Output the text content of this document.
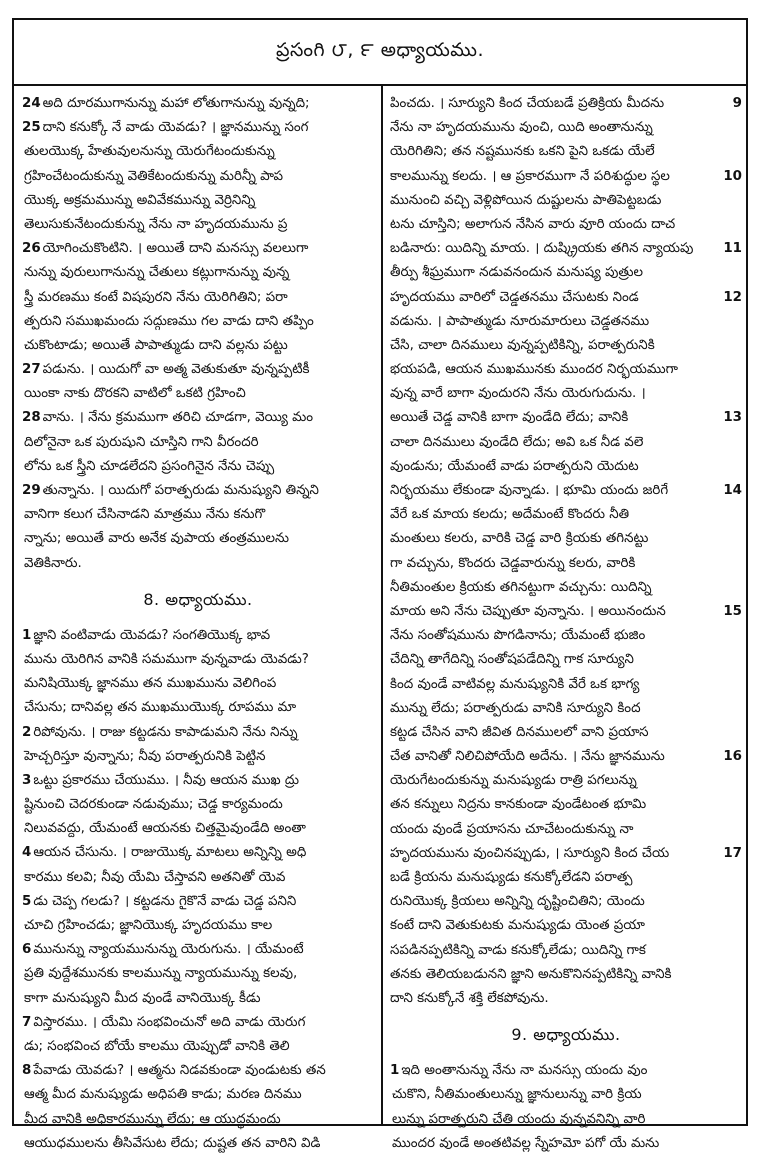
ప్రసంగి ౮, ౯ అధ్యాయము.
24 అది దూరముగానున్ను మహా లోతుగానున్ను వున్నది;
25 దాని కనుక్కో నే వాడు యెవడు? । జ్ఞానమున్ను సంగ
తులయొక్క హేతువులనున్ను యెరుగేటందుకున్ను
గ్రహించేటందుకున్ను వెతికేటందుకున్ను మరిన్నీ పాప
యొక్క అక్రమమున్ను అవివేకమున్ను వెర్రినిన్ని
తెలుసుకునేటందుకున్ను నేను నా హృదయమును ప్ర
26 యోగించుకొంటిని. । అయితే దాని మనస్సు వలలుగా
నున్ను వురులుగానున్ను చేతులు కట్లుగానున్ను వున్న
స్త్రీ మరణము కంటే విషపురని నేను యెరిగితిని; పరా
త్పరుని సముఖమందు సద్గుణము గల వాడు దాని తప్పిం
చుకొంటాడు; అయితే పాపాత్ముడు దాని వల్లను పట్టు
27 పడును. । యిదుగో వా అత్మ వెతుకుతూ వున్నప్పటికీ
యింకా నాకు దొరకని వాటిలో ఒకటి గ్రహించి
28 వాను. । నేను క్రమముగా తరిచి చూడగా, వెయ్యి మం
దిలోనైనా ఒక పురుషుని చూస్తిని గాని వీరందరి
లోను ఒక స్త్రీని చూడలేదని ప్రసంగినైన నేను చెప్పు
29 తున్నాను. । యిదుగో పరాత్పరుడు మనుష్యుని తిన్నని
వానిగా కలుగ చేసినాడని మాత్రము నేను కనుగొ
న్నాను; అయితే వారు అనేక వుపాయ తంత్రములను
వెతికినారు.
8. అధ్యాయము.
1 జ్ఞాని వంటివాడు యెవడు? సంగతియొక్క భావ
మును యెరిగిన వానికి సమముగా వున్నవాడు యెవడు?
మనిషియొక్క జ్ఞానము తన ముఖమును వెలిగింప
చేసును; దానివల్ల తన ముఖముయొక్క రూపము మా
2 రిపోవును. । రాజు కట్టడను కాపాడుమని నేను నిన్ను
హెచ్చరిస్తూ వున్నాను; నీవు పరాత్పరునికి పెట్టిన
3 ఒట్టు ప్రకారము చేయుము. । నీవు ఆయన ముఖ ద్రు
ష్టినుంచి చెదరకుండా నడువుము; చెడ్డ కార్యమందు
నిలువవద్దు, యేమంటే ఆయనకు చిత్తమైవుండేది అంతా
4 ఆయన చేసును. । రాజుయొక్క మాటలు అన్నిన్ని అధి
కారము కలవి; నీవు యేమి చేస్తావని అతనితో యెవ
5 డు చెప్ప గలడు? । కట్టడను గైకొనే వాడు చెడ్డ పనిని
చూచి గ్రహించడు; జ్ఞానియొక్క హృదయము కాల
6 మునున్ను న్యాయమునున్ను యెరుగును. । యేమంటే
ప్రతి వుద్దేశమునకు కాలమున్ను న్యాయమున్ను కలవు,
కాగా మనుష్యుని మీద వుండే వానియొక్క కీడు
7 విస్తారము. । యేమి సంభవించునో అది వాడు యెరుగ
డు; సంభవించ బోయే కాలము యెప్పుడో వానికి తెలి
8 పేవాడు యెవడు? । ఆత్మను నిడవకుండా వుండుటకు తన
ఆత్మ మీద మనుష్యుడు అధిపతి కాడు; మరణ దినము
మీద వానికి అధికారమున్ను లేదు; ఆ యుద్ధమందు
ఆయుధములను తీసివేసుట లేదు; దుష్టత తన వారిని విడి
పించదు. । సూర్యుని కింద చేయబడే ప్రతిక్రియ మీదను	9
నేను నా హృదయమును వుంచి, యిది అంతానున్ను
యెరిగితిని; తన నష్టమునకు ఒకని పైని ఒకడు యేలే
కాలమున్ను కలదు. । ఆ ప్రకారముగా నే పరిశుద్ధుల స్థల	10
మునుంచి వచ్చి వెళ్లిపోయిన దుష్టులను పాతిపెట్టబడు
టను చూస్తిని; అలాగున నేసిన వారు వూరి యందు దాచ
బడినారు: యిదిన్ని మాయ. । దుష్క్రియకు తగిన న్యాయపు	11
తీర్పు శీఘ్రముగా నడువనందున మనుష్య పుత్రుల
హృదయము వారిలో చెడ్డతనము చేసుటకు నిండ	12
వడును. । పాపాత్ముడు నూరుమారులు చెడ్డతనము
చేసి, చాలా దినములు వున్నప్పటికిన్ని, పరాత్పరునికి
భయపడి, ఆయన ముఖమునకు ముందర నిర్భయముగా
వున్న వారే బాగా వుందురని నేను యెరుగుదును. ।
అయితే చెడ్డ వానికి బాగా వుండేది లేదు; వానికి	13
చాలా దినములు వుండేది లేదు; అవి ఒక నీడ వలె
వుండును; యేమంటే వాడు పరాత్పరుని యెదుట
నిర్భయము లేకుండా వున్నాడు. । భూమి యందు జరిగే	14
వేరే ఒక మాయ కలదు; అదేమంటే కొందరు నీతి
మంతులు కలరు, వారికి చెడ్డ వారి క్రియకు తగినట్టు
గా వచ్చును, కొందరు చెడ్డవారున్ను కలరు, వారికి
నీతిమంతుల క్రియకు తగినట్టుగా వచ్చును: యిదిన్ని
మాయ అని నేను చెప్పుతూ వున్నాను. । అయినందున	15
నేను సంతోషమును పొగడినాను; యేమంటే భుజిం
చేదిన్ని తాగేదిన్ని సంతోషపడేదిన్ని గాక సూర్యుని
కింద వుండే వాటివల్ల మనుష్యునికి వేరే ఒక భాగ్య
మున్ను లేదు; పరాత్పరుడు వానికి సూర్యుని కింద
కట్టడ చేసిన వాని జీవిత దినములలో వాని ప్రయాస
చేత వానితో నిలిచిపోయేది అదేను. । నేను జ్ఞానమును	16
యెరుగేటందుకున్ను మనుష్యుడు రాత్రి పగలున్ను
తన కన్నులు నిద్రను కానకుండా వుండేటంత భూమి
యందు వుండే ప్రయాసను చూచేటందుకున్ను నా
హృదయమును వుంచినప్పుడు, । సూర్యుని కింద చేయ	17
బడే క్రియను మనుష్యుడు కనుక్కోలేడని పరాత్ప
రునియొక్క క్రియలు అన్నిన్ని దృష్టించితిని; యెందు
కంటే దాని వెతుకుటకు మనుష్యుడు యెంత ప్రయా
సపడినప్పటికిన్ని వాడు కనుక్కోలేడు; యిదిన్ని గాక
తనకు తెలియబడునని జ్ఞాని అనుకొనినప్పటికిన్ని వానికి
దాని కనుక్కోనే శక్తి లేకపోవును.
9. అధ్యాయము.
1 ఇది అంతానున్ను నేను నా మనస్సు యందు వుం
చుకొని, నీతిమంతులున్ను జ్ఞానులున్ను వారి క్రియ
లున్ను పరాత్పరుని చేతి యందు వున్నవనిన్ని వారి
ముందర వుండే అంతటివల్ల స్నేహమో పగో యే మను
